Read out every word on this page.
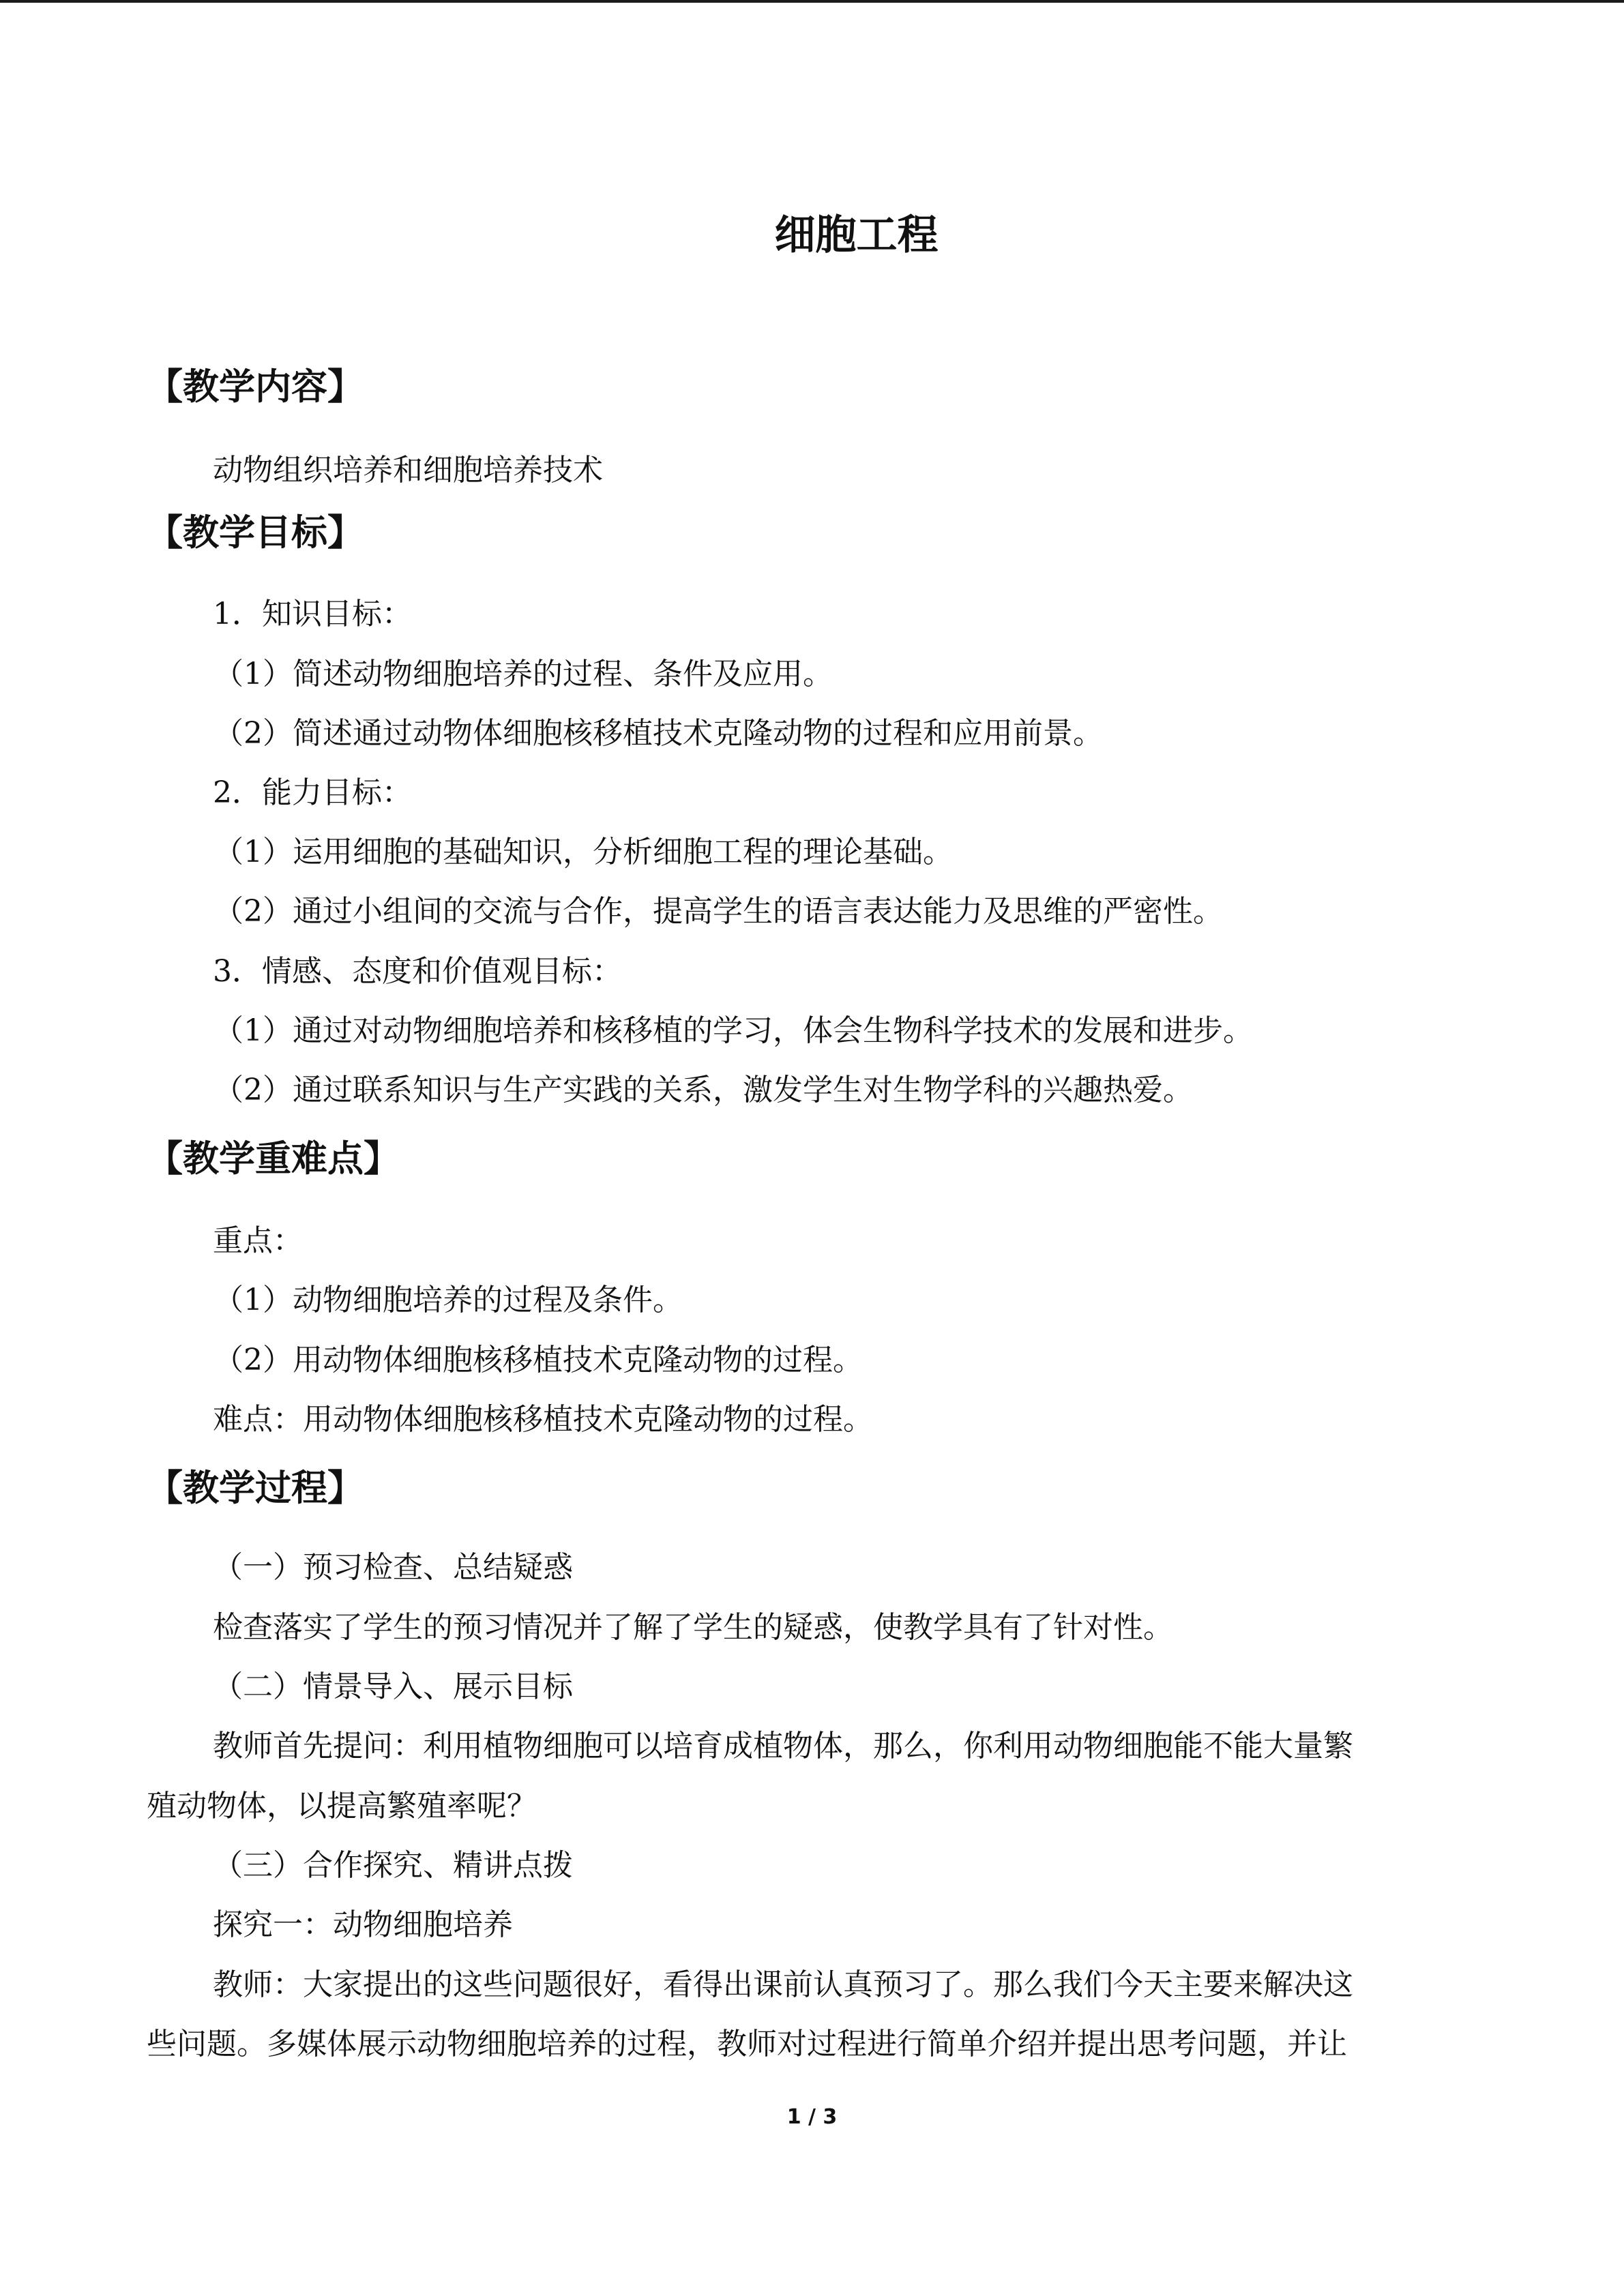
细胞工程
【教学内容】
动物组织培养和细胞培养技术
【教学目标】
1．知识目标：
（1）简述动物细胞培养的过程、条件及应用。
（2）简述通过动物体细胞核移植技术克隆动物的过程和应用前景。
2．能力目标：
（1）运用细胞的基础知识，分析细胞工程的理论基础。
（2）通过小组间的交流与合作，提高学生的语言表达能力及思维的严密性。
3．情感、态度和价值观目标：
（1）通过对动物细胞培养和核移植的学习，体会生物科学技术的发展和进步。
（2）通过联系知识与生产实践的关系，激发学生对生物学科的兴趣热爱。
【教学重难点】
重点：
（1）动物细胞培养的过程及条件。
（2）用动物体细胞核移植技术克隆动物的过程。
难点：用动物体细胞核移植技术克隆动物的过程。
【教学过程】
（一）预习检查、总结疑惑
检查落实了学生的预习情况并了解了学生的疑惑，使教学具有了针对性。
（二）情景导入、展示目标
教师首先提问：利用植物细胞可以培育成植物体，那么，你利用动物细胞能不能大量繁
殖动物体，以提高繁殖率呢？
（三）合作探究、精讲点拨
探究一：动物细胞培养
教师：大家提出的这些问题很好，看得出课前认真预习了。那么我们今天主要来解决这
些问题。多媒体展示动物细胞培养的过程，教师对过程进行简单介绍并提出思考问题，并让
1 / 3
